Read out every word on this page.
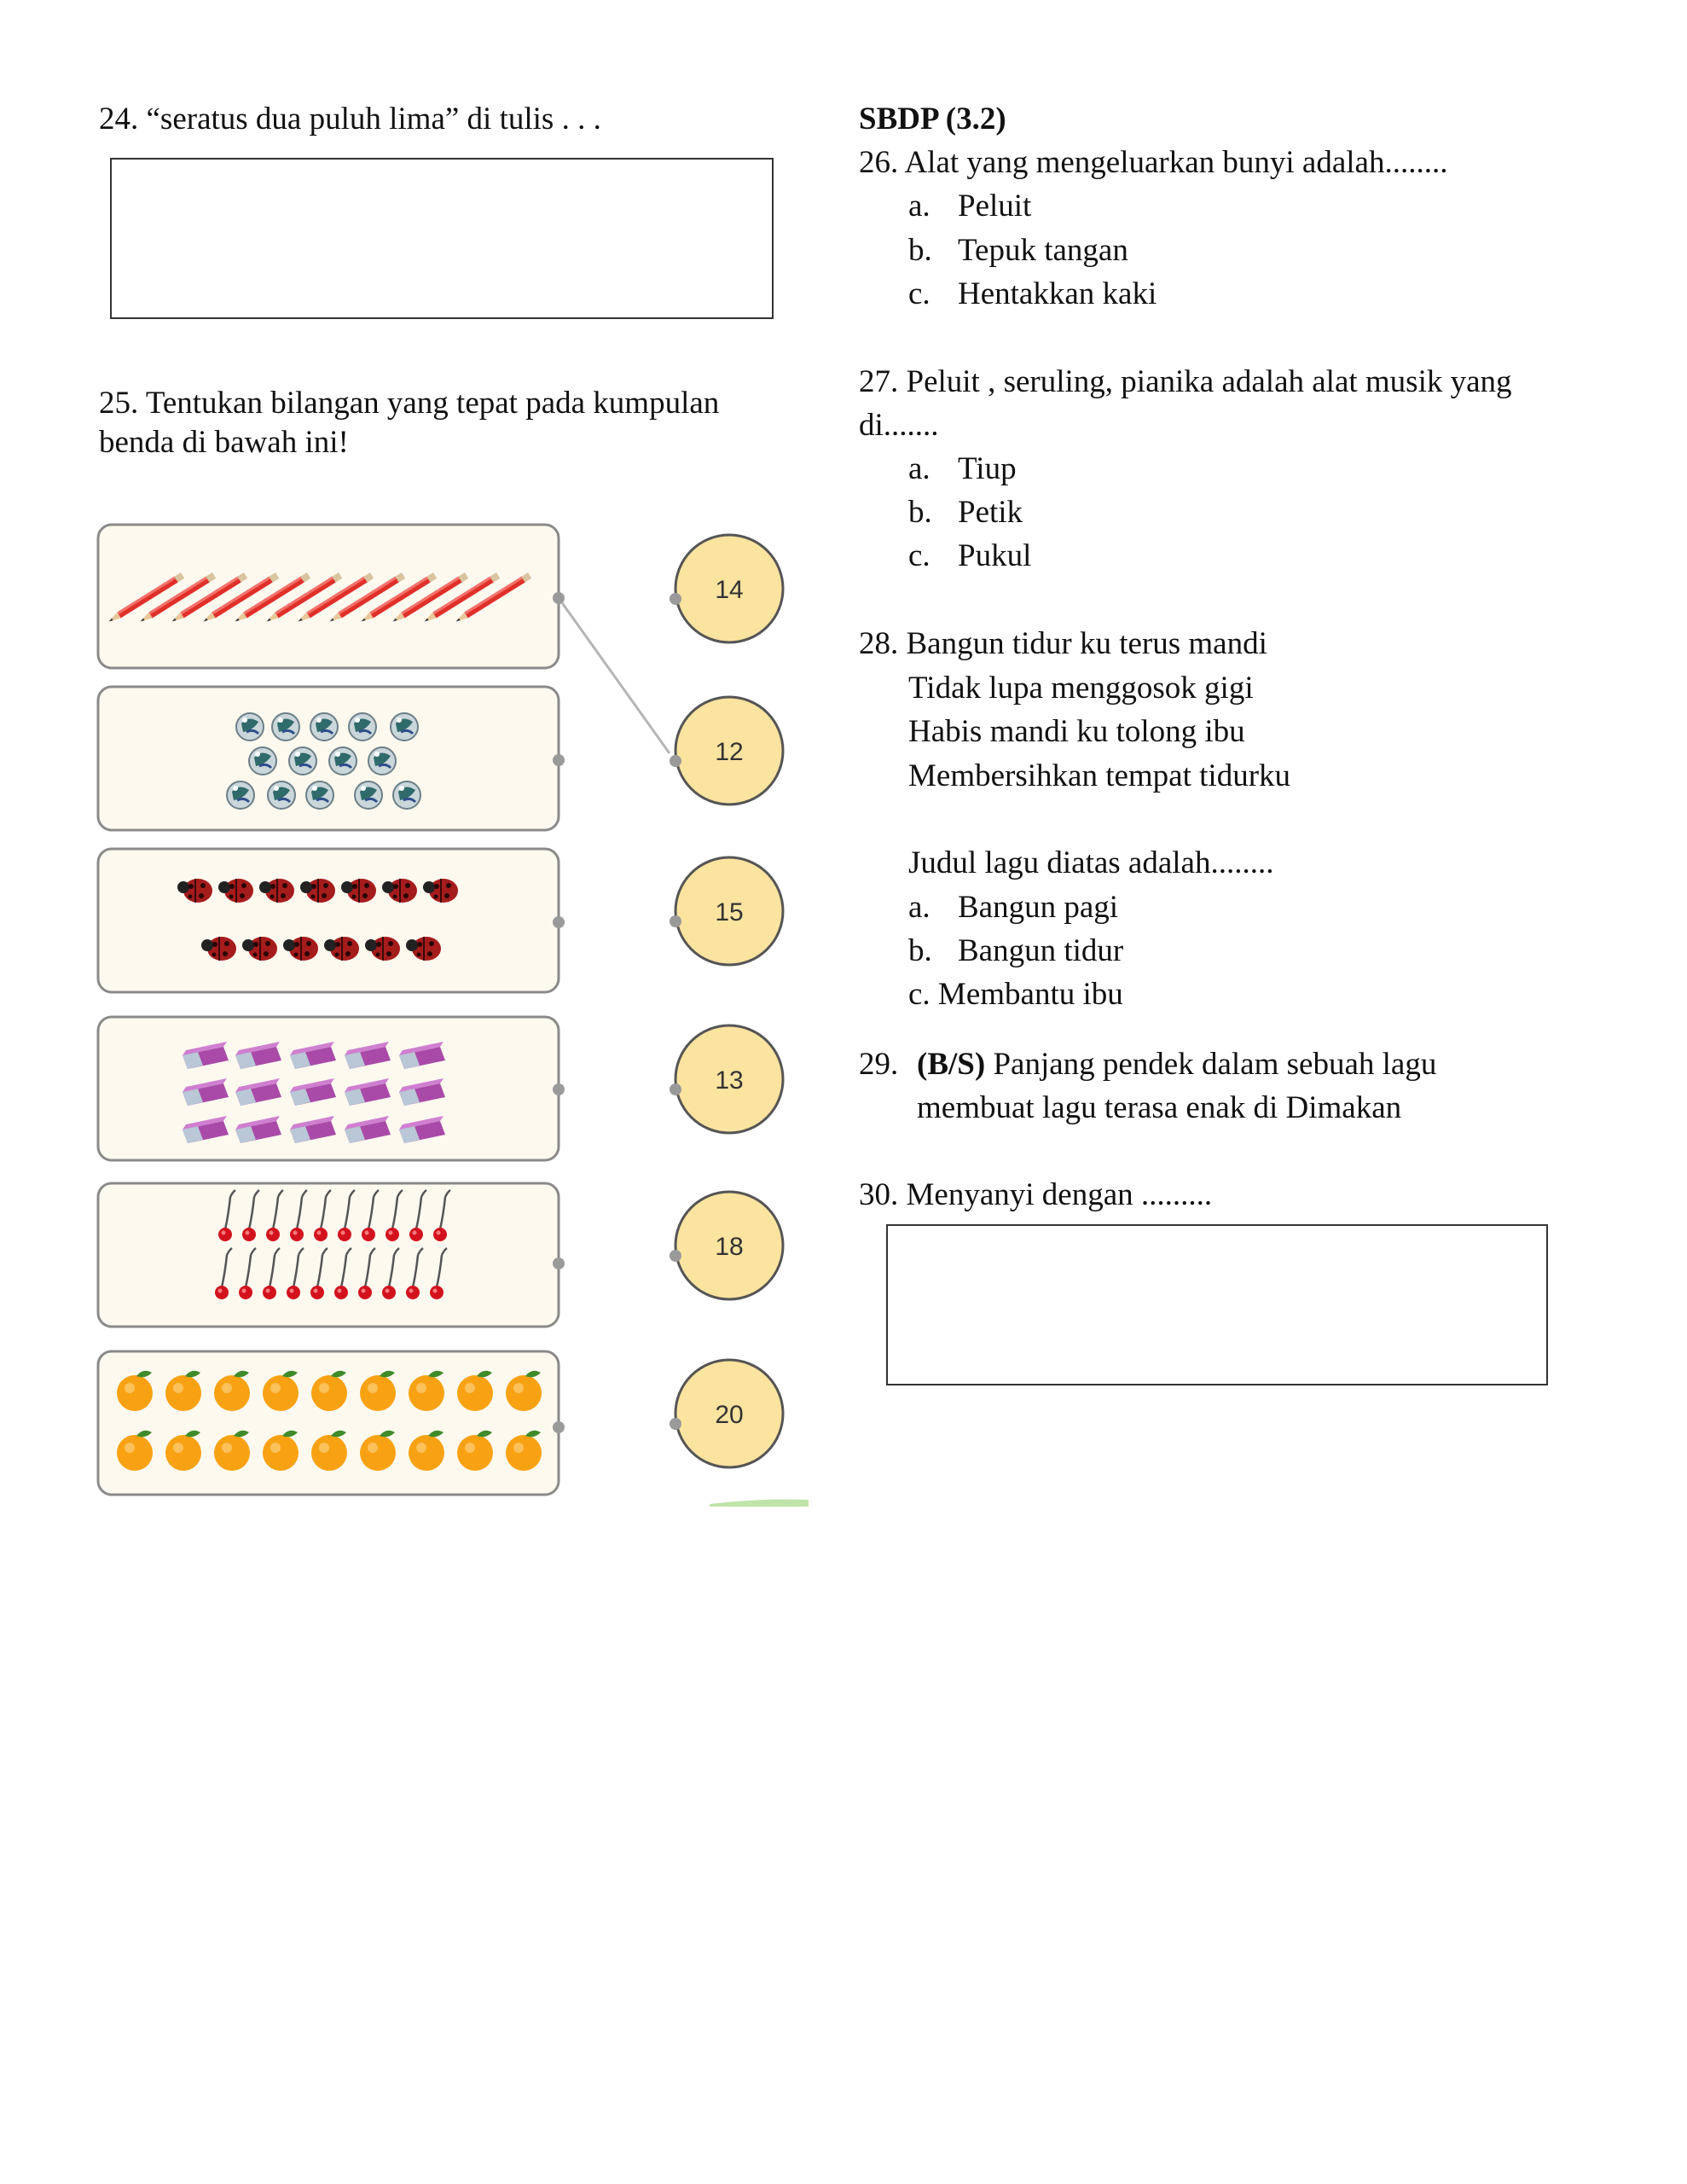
24. “seratus dua puluh lima” di tulis . . .
25. Tentukan bilangan yang tepat pada kumpulan
benda di bawah ini!
14
12
15
13
18
20
SBDP (3.2)
26. Alat yang mengeluarkan bunyi adalah........
a. Peluit
b. Tepuk tangan
c. Hentakkan kaki
27. Peluit , seruling, pianika adalah alat musik yang
di.......
a. Tiup
b. Petik
c. Pukul
28. Bangun tidur ku terus mandi
Tidak lupa menggosok gigi
Habis mandi ku tolong ibu
Membersihkan tempat tidurku
Judul lagu diatas adalah........
a. Bangun pagi
b. Bangun tidur
c. Membantu ibu
29. (B/S) Panjang pendek dalam sebuah lagu
membuat lagu terasa enak di Dimakan
30. Menyanyi dengan .........
